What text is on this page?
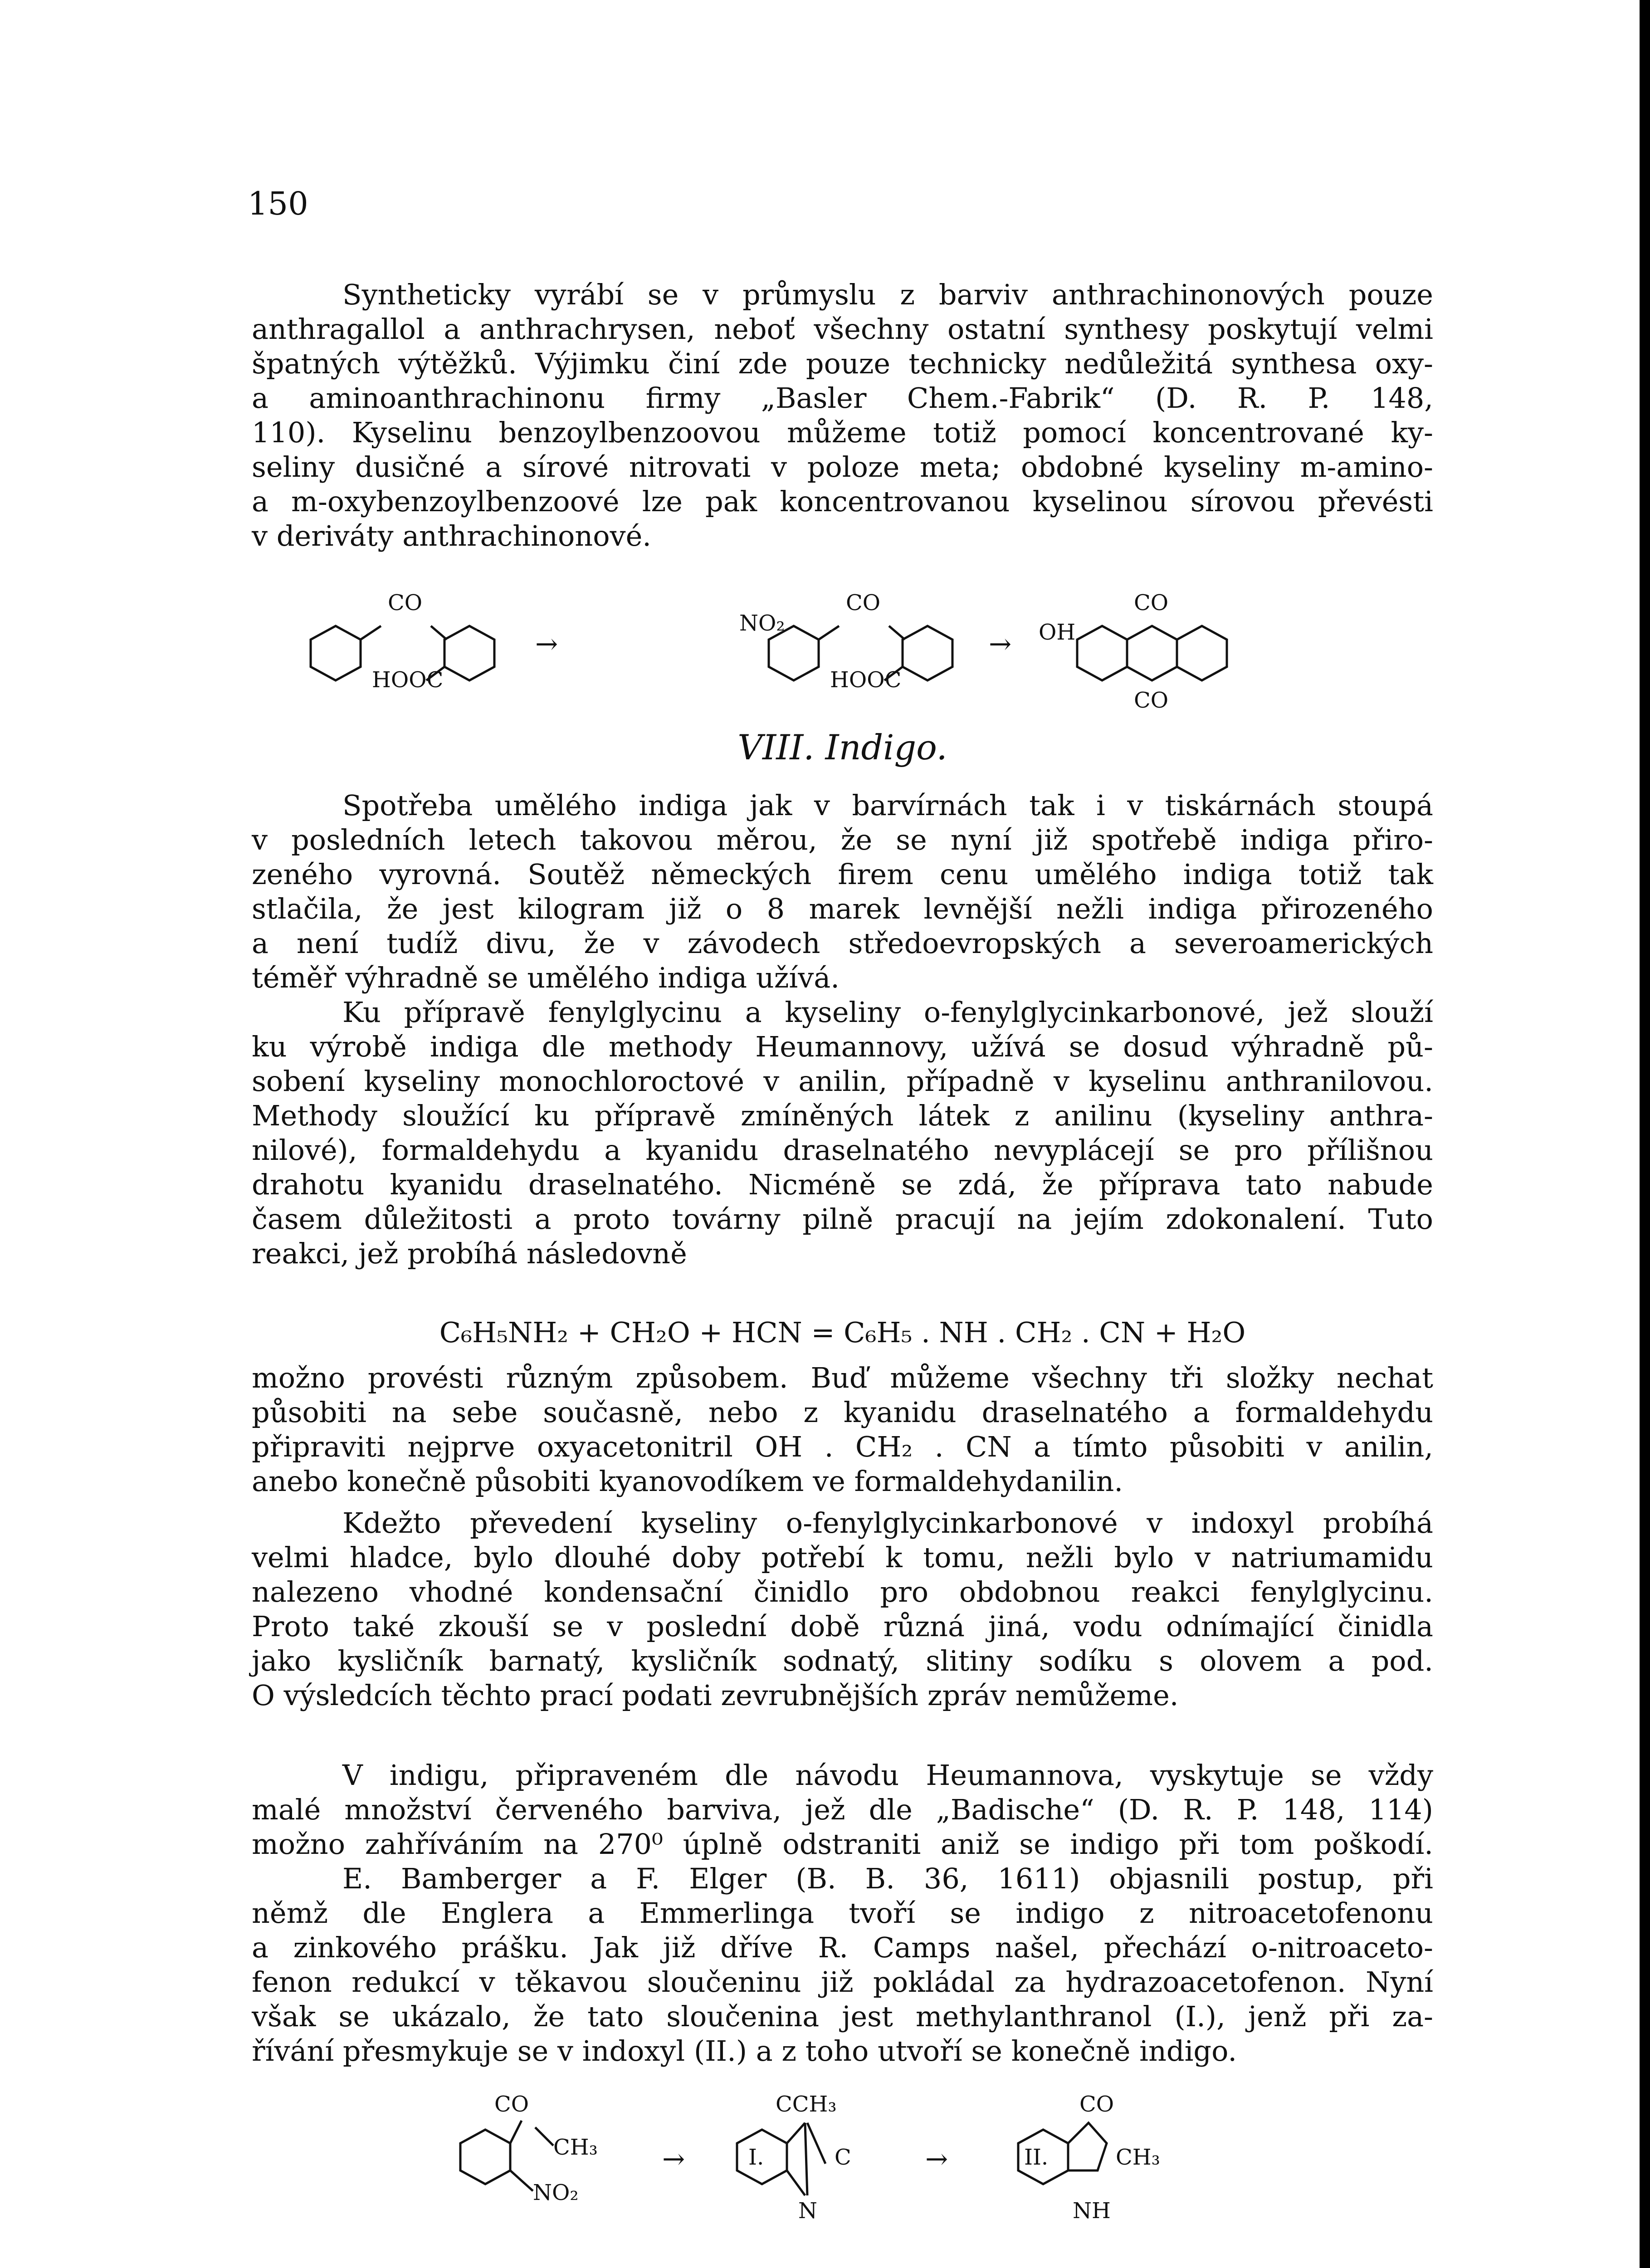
150
Syntheticky vyrábí se v průmyslu z barviv anthrachinonových pouze
anthragallol a anthrachrysen, neboť všechny ostatní synthesy poskytují velmi
špatných výtěžků. Výjimku činí zde pouze technicky nedůležitá synthesa oxy-
a aminoanthrachinonu firmy „Basler Chem.-Fabrik“ (D. R. P. 148,
110). Kyselinu benzoylbenzoovou můžeme totiž pomocí koncentrované ky-
seliny dusičné a sírové nitrovati v poloze meta; obdobné kyseliny m-amino-
a m-oxybenzoylbenzoové lze pak koncentrovanou kyselinou sírovou převésti
v deriváty anthrachinonové.
CO
HOOC
→
NO₂
CO
HOOC
→ OH
CO
CO
VIII. Indigo.
Spotřeba umělého indiga jak v barvírnách tak i v tiskárnách stoupá
v posledních letech takovou měrou, že se nyní již spotřebě indiga přiro-
zeného vyrovná. Soutěž německých firem cenu umělého indiga totiž tak
stlačila, že jest kilogram již o 8 marek levnější nežli indiga přirozeného
a není tudíž divu, že v závodech středoevropských a severoamerických
téměř výhradně se umělého indiga užívá.
Ku přípravě fenylglycinu a kyseliny o-fenylglycinkarbonové, jež slouží
ku výrobě indiga dle methody Heumannovy, užívá se dosud výhradně pů-
sobení kyseliny monochloroctové v anilin, případně v kyselinu anthranilovou.
Methody sloužící ku přípravě zmíněných látek z anilinu (kyseliny anthra-
nilové), formaldehydu a kyanidu draselnatého nevyplácejí se pro přílišnou
drahotu kyanidu draselnatého. Nicméně se zdá, že příprava tato nabude
časem důležitosti a proto továrny pilně pracují na jejím zdokonalení. Tuto
reakci, jež probíhá následovně
C₆H₅NH₂ + CH₂O + HCN = C₆H₅ . NH . CH₂ . CN + H₂O
možno provésti různým způsobem. Buď můžeme všechny tři složky nechat
působiti na sebe současně, nebo z kyanidu draselnatého a formaldehydu
připraviti nejprve oxyacetonitril OH . CH₂ . CN a tímto působiti v anilin,
anebo konečně působiti kyanovodíkem ve formaldehydanilin.
Kdežto převedení kyseliny o-fenylglycinkarbonové v indoxyl probíhá
velmi hladce, bylo dlouhé doby potřebí k tomu, nežli bylo v natriumamidu
nalezeno vhodné kondensační činidlo pro obdobnou reakci fenylglycinu.
Proto také zkouší se v poslední době různá jiná, vodu odnímající činidla
jako kysličník barnatý, kysličník sodnatý, slitiny sodíku s olovem a pod.
O výsledcích těchto prací podati zevrubnějších zpráv nemůžeme.
V indigu, připraveném dle návodu Heumannova, vyskytuje se vždy
malé množství červeného barviva, jež dle „Badische“ (D. R. P. 148, 114)
možno zahříváním na 270⁰ úplně odstraniti aniž se indigo při tom poškodí.
E. Bamberger a F. Elger (B. B. 36, 1611) objasnili postup, při
němž dle Englera a Emmerlinga tvoří se indigo z nitroacetofenonu
a zinkového prášku. Jak již dříve R. Camps našel, přechází o-nitroaceto-
fenon redukcí v těkavou sloučeninu již pokládal za hydrazoacetofenon. Nyní
však se ukázalo, že tato sloučenina jest methylanthranol (I.), jenž při za-
řívání přesmykuje se v indoxyl (II.) a z toho utvoří se konečně indigo.
CO
CH₃
NO₂
→
CCH₃
I.	C
N
→
CO
II.	CH₃
NH
